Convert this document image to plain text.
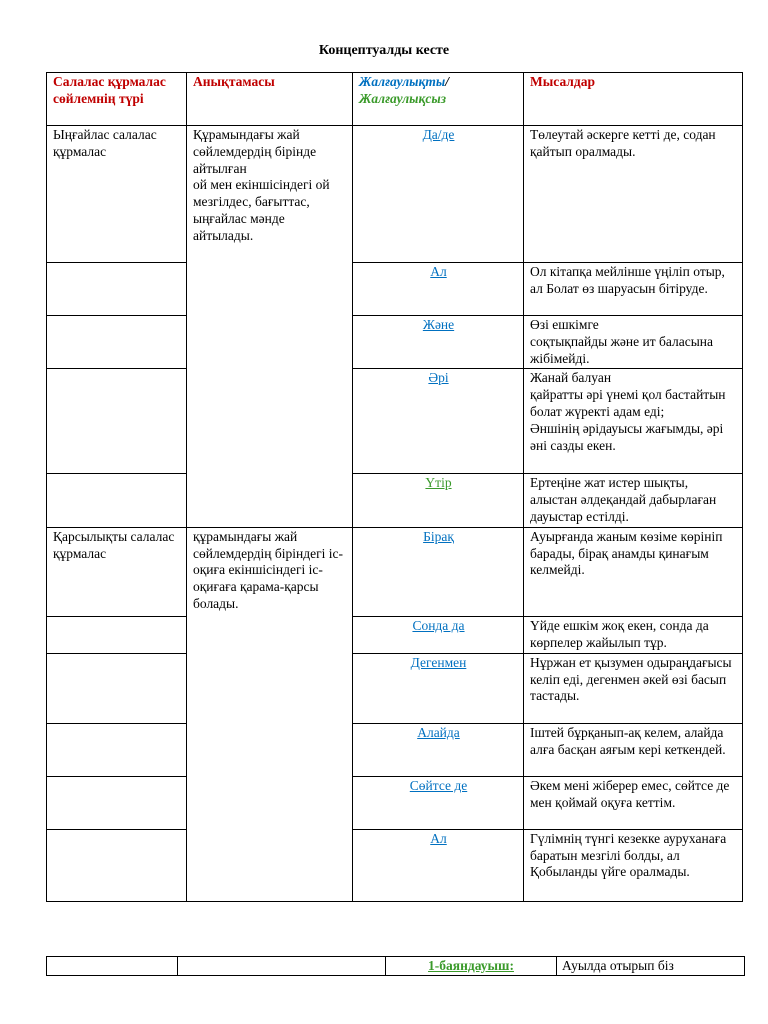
Концептуалды кесте
Салалас құрмалас сөйлемнің түрі	Анықтамасы	Жалғаулықты/
Жалғаулықсыз	Мысалдар
Ыңғайлас салалас құрмалас	Құрамындағы жай сөйлемдердің бірінде айтылған
ой мен екіншісіндегі ой мезгілдес, бағыттас,
ыңғайлас мәнде айтылады.	Да/де	Төлеутай әскерге кетті де, содан қайтып оралмады.
		Ал	Ол кітапқа мейлінше үңіліп отыр, ал Болат өз шаруасын бітіруде.
		Және	Өзі ешкімге
соқтықпайды және ит баласына жібімейді.
		Әрі	Жанай балуан
қайратты әрі үнемі қол бастайтын болат жүректі адам еді;
Әншінің әрідауысы жағымды, әрі әні сазды екен.
		Үтір	Ертеңіне жат истер шықты, алыстан әлдеқандай дабырлаған дауыстар естілді.
Қарсылықты салалас құрмалас	құрамындағы жай сөйлемдердің біріндегі іс-оқиға екіншісіндегі іс-оқиғаға қарама-қарсы болады.	Бірақ	Ауырғанда жаным көзіме көрініп барады, бірақ анамды қинағым келмейді.
		Сонда да	Үйде ешкім жоқ екен, сонда да көрпелер жайылып тұр.
		Дегенмен	Нұржан ет қызумен одыраңдағысы келіп еді, дегенмен әкей өзі басып тастады.
		Алайда	Іштей бұрқанып-ақ келем, алайда алға басқан аяғым кері кеткендей.
		Сөйтсе де	Әкем мені жіберер емес, сөйтсе де мен қоймай оқуға кеттім.
		Ал	Гүлімнің түнгі кезекке ауруханаға баратын мезгілі болды, ал Қобыланды үйге оралмады.
		1-баяндауыш:	Ауылда отырып біз
